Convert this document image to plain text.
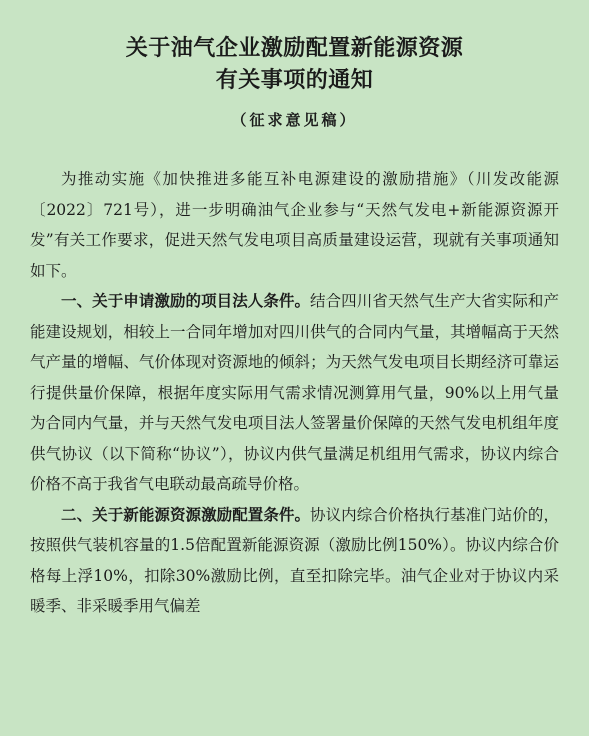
关于油气企业激励配置新能源资源
有关事项的通知
（征求意见稿）

为推动实施《加快推进多能互补电源建设的激励措施》（川发改能源〔2022〕721号），进一步明确油气企业参与“天然气发电+新能源资源开发”有关工作要求，促进天然气发电项目高质量建设运营，现就有关事项通知如下。

一、关于申请激励的项目法人条件。结合四川省天然气生产大省实际和产能建设规划，相较上一合同年增加对四川供气的合同内气量，其增幅高于天然气产量的增幅、气价体现对资源地的倾斜；为天然气发电项目长期经济可靠运行提供量价保障，根据年度实际用气需求情况测算用气量，90%以上用气量为合同内气量，并与天然气发电项目法人签署量价保障的天然气发电机组年度供气协议（以下简称“协议”），协议内供气量满足机组用气需求，协议内综合价格不高于我省气电联动最高疏导价格。

二、关于新能源资源激励配置条件。协议内综合价格执行基准门站价的，按照供气装机容量的1.5倍配置新能源资源（激励比例150%）。协议内综合价格每上浮10%，扣除30%激励比例，直至扣除完毕。油气企业对于协议内采暖季、非采暖季用气偏差
